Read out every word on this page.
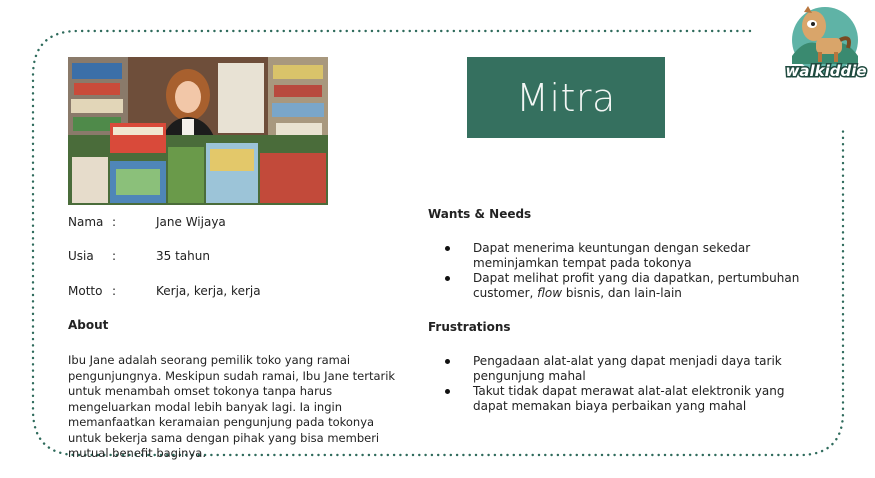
Mitra
walkiddie
Nama :	Jane Wijaya
Usia	:	35 tahun
Motto :	Kerja, kerja, kerja
About
Ibu Jane adalah seorang pemilik toko yang ramai pengunjungnya. Meskipun sudah ramai, Ibu Jane tertarik untuk menambah omset tokonya tanpa harus mengeluarkan modal lebih banyak lagi. Ia ingin memanfaatkan keramaian pengunjung pada tokonya untuk bekerja sama dengan pihak yang bisa memberi mutual benefit baginya.
Wants & Needs
Dapat menerima keuntungan dengan sekedar meminjamkan tempat pada tokonya
Dapat melihat profit yang dia dapatkan, pertumbuhan customer, flow bisnis, dan lain-lain
Frustrations
Pengadaan alat-alat yang dapat menjadi daya tarik pengunjung mahal
Takut tidak dapat merawat alat-alat elektronik yang dapat memakan biaya perbaikan yang mahal
